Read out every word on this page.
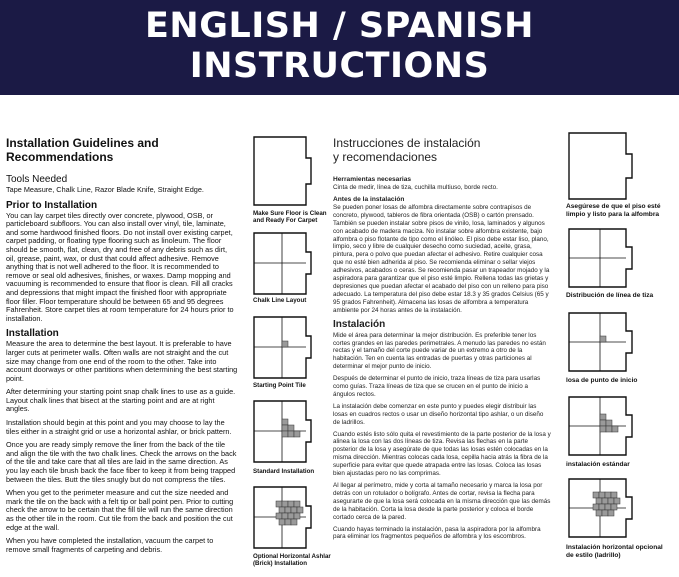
ENGLISH / SPANISH
INSTRUCTIONS
Installation Guidelines and Recommendations
Tools Needed

Tape Measure, Chalk Line, Razor Blade Knife, Straight Edge.

Prior to Installation

You can lay carpet tiles directly over concrete, plywood, OSB, or particleboard subfloors. You can also install over vinyl, tile, laminate, and some hardwood finished floors. Do not install over existing carpet, carpet padding, or floating type flooring such as linoleum. The floor should be smooth, flat, clean, dry and free of any debris such as dirt, oil, grease, paint, wax, or dust that could affect adhesive. Remove anything that is not well adhered to the floor. It is recommended to remove or seal old adhesives, finishes, or waxes. Damp mopping and vacuuming is recommended to ensure that floor is clean. Fill all cracks and depressions that might impact the finished floor with appropriate floor filler. Floor temperature should be between 65 and 95 degrees Fahrenheit. Store carpet tiles at room temperature for 24 hours prior to installation.

Installation

Measure the area to determine the best layout. It is preferable to have larger cuts at perimeter walls. Often walls are not straight and the cut size may change from one end of the room to the other. Take into account doorways or other partitions when determining the best starting point.

After determining your starting point snap chalk lines to use as a guide. Layout chalk lines that bisect at the starting point and are at right angles.

Installation should begin at this point and you may choose to lay the tiles either in a straight grid or use a horizontal ashlar, or brick pattern.

Once you are ready simply remove the liner from the back of the tile and align the tile with the two chalk lines. Check the arrows on the back of the tile and take care that all tiles are laid in the same direction. As you lay each tile brush back the face fiber to keep it from being trapped between the tiles. Butt the tiles snugly but do not compress the tiles.

When you get to the perimeter measure and cut the size needed and mark the tile on the back with a felt tip or ball point pen. Prior to cutting check the arrow to be certain that the fill tile will run the same direction as the other tile in the room. Cut tile from the back and position the cut edge at the wall.

When you have completed the installation, vacuum the carpet to remove small fragments of carpeting and debris.

Instrucciones de instalación
y recomendaciones
Herramientas necesarias

Cinta de medir, línea de tiza, cuchilla multiuso, borde recto.

Antes de la instalación

Se pueden poner losas de alfombra directamente sobre contrapisos de concreto, plywood, tableros de fibra orientada (OSB) o cartón prensado. También se pueden instalar sobre pisos de vinilo, losa, laminados y algunos con acabado de madera maciza. No instalar sobre alfombra existente, bajo alfombra o piso flotante de tipo como el linóleo. El piso debe estar liso, plano, limpio, seco y libre de cualquier desecho como suciedad, aceite, grasa, pintura, pera o polvo que puedan afectar el adhesivo. Retire cualquier cosa que no esté bien adherida al piso. Se recomienda eliminar o sellar viejos adhesivos, acabados o ceras. Se recomienda pasar un trapeador mojado y la aspiradora para garantizar que el piso esté limpio. Rellena todas las grietas y depresiones que puedan afectar el acabado del piso con un relleno para piso adecuado. La temperatura del piso debe estar 18.3 y 35 grados Celsius (65 y 95 grados Fahrenheit). Almacena las losas de alfombra a temperatura ambiente por 24 horas antes de la instalación.

Instalación

Mide el área para determinar la mejor distribución. Es preferible tener los cortes grandes en las paredes perimetrales. A menudo las paredes no están rectas y el tamaño del corte puede variar de un extremo a otro de la habitación. Ten en cuenta las entradas de puertas y otras particiones al determinar el mejor punto de inicio.

Después de determinar el punto de inicio, traza líneas de tiza para usarlas como guías. Traza líneas de tiza que se crucen en el punto de inicio a ángulos rectos.

La instalación debe comenzar en este punto y puedes elegir distribuir las losas en cuadros rectos o usar un diseño horizontal tipo ashlar, o un diseño de ladrillos.

Cuando estés listo sólo quita el revestimiento de la parte posterior de la losa y alinea la losa con las dos líneas de tiza. Revisa las flechas en la parte posterior de la losa y asegúrate de que todas las losas estén colocadas en la misma dirección. Mientras colocas cada losa, cepilla hacia atrás la fibra de la superficie para evitar que quede atrapada entre las losas. Coloca las losas bien ajustadas pero no las comprimas.

Al llegar al perímetro, mide y corta al tamaño necesario y marca la losa por detrás con un rotulador o bolígrafo. Antes de cortar, revisa la flecha para asegurarte de que la losa será colocada en la misma dirección que las demás de la habitación. Corta la losa desde la parte posterior y coloca el borde cortado cerca de la pared.

Cuando hayas terminado la instalación, pasa la aspiradora por la alfombra para eliminar los fragmentos pequeños de alfombra y los escombros.

Make Sure Floor is Clean and Ready For Carpet
Chalk Line Layout
Starting Point Tile
Standard Installation
Optional Horizontal Ashlar (Brick) Installation
Asegúrese de que el piso esté limpio y listo para la alfombra
Distribución de línea de tiza
losa de punto de inicio
instalación estándar
Instalación horizontal opcional de estilo (ladrillo)
